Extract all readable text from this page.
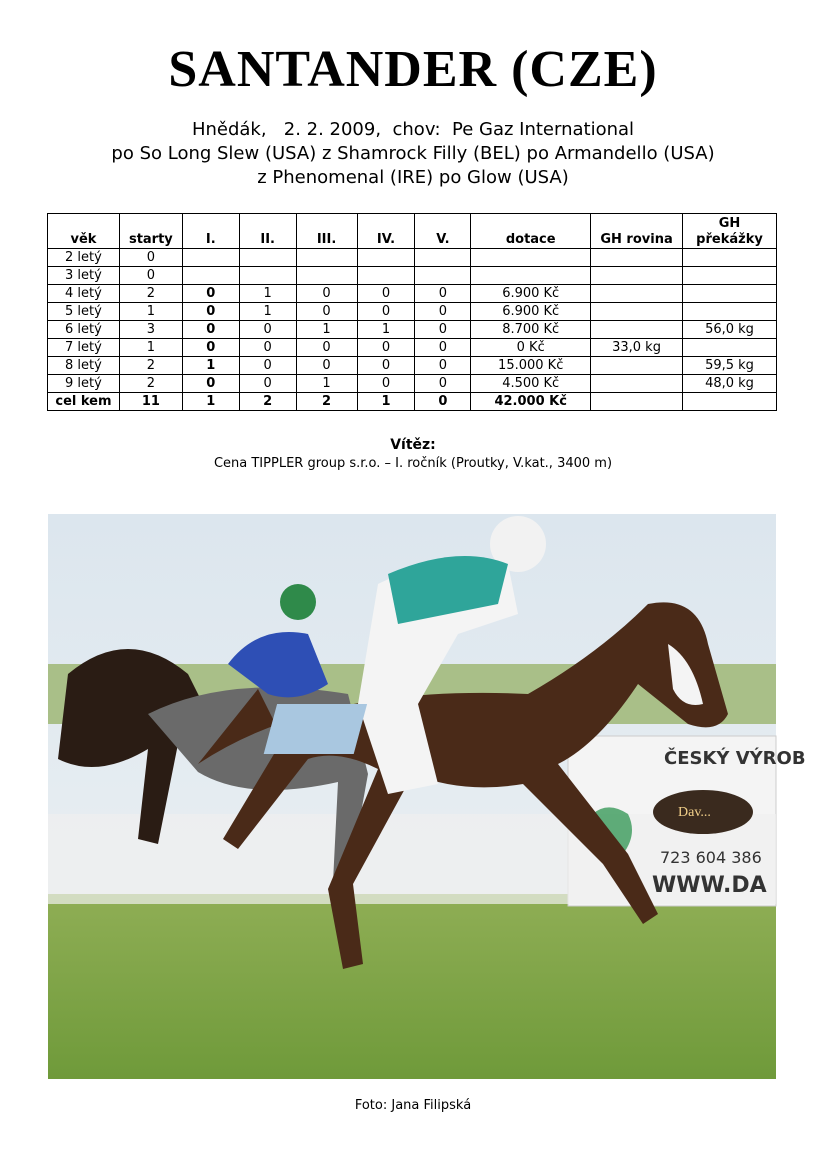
SANTANDER (CZE)
Hnědák,   2. 2. 2009,  chov:  Pe Gaz International
po So Long Slew (USA) z Shamrock Filly (BEL) po Armandello (USA)
z Phenomenal (IRE) po Glow (USA)
věk	starty	I.	II.	III.	IV.	V.	dotace	GH rovina	GH překážky
2 letý	0								
3 letý	0								
4 letý	2	0	1	0	0	0	6.900 Kč		
5 letý	1	0	1	0	0	0	6.900 Kč		
6 letý	3	0	0	1	1	0	8.700 Kč		56,0 kg
7 letý	1	0	0	0	0	0	0 Kč	33,0 kg	
8 letý	2	1	0	0	0	0	15.000 Kč		59,5 kg
9 letý	2	0	0	1	0	0	4.500 Kč		48,0 kg
cel kem	11	1	2	2	1	0	42.000 Kč		
Vítěz:
Cena TIPPLER group s.r.o. – I. ročník (Proutky, V.kat., 3400 m)
Dav...
ČESKÝ VÝROB
723 604 386
WWW.DA
Foto: Jana Filipská
